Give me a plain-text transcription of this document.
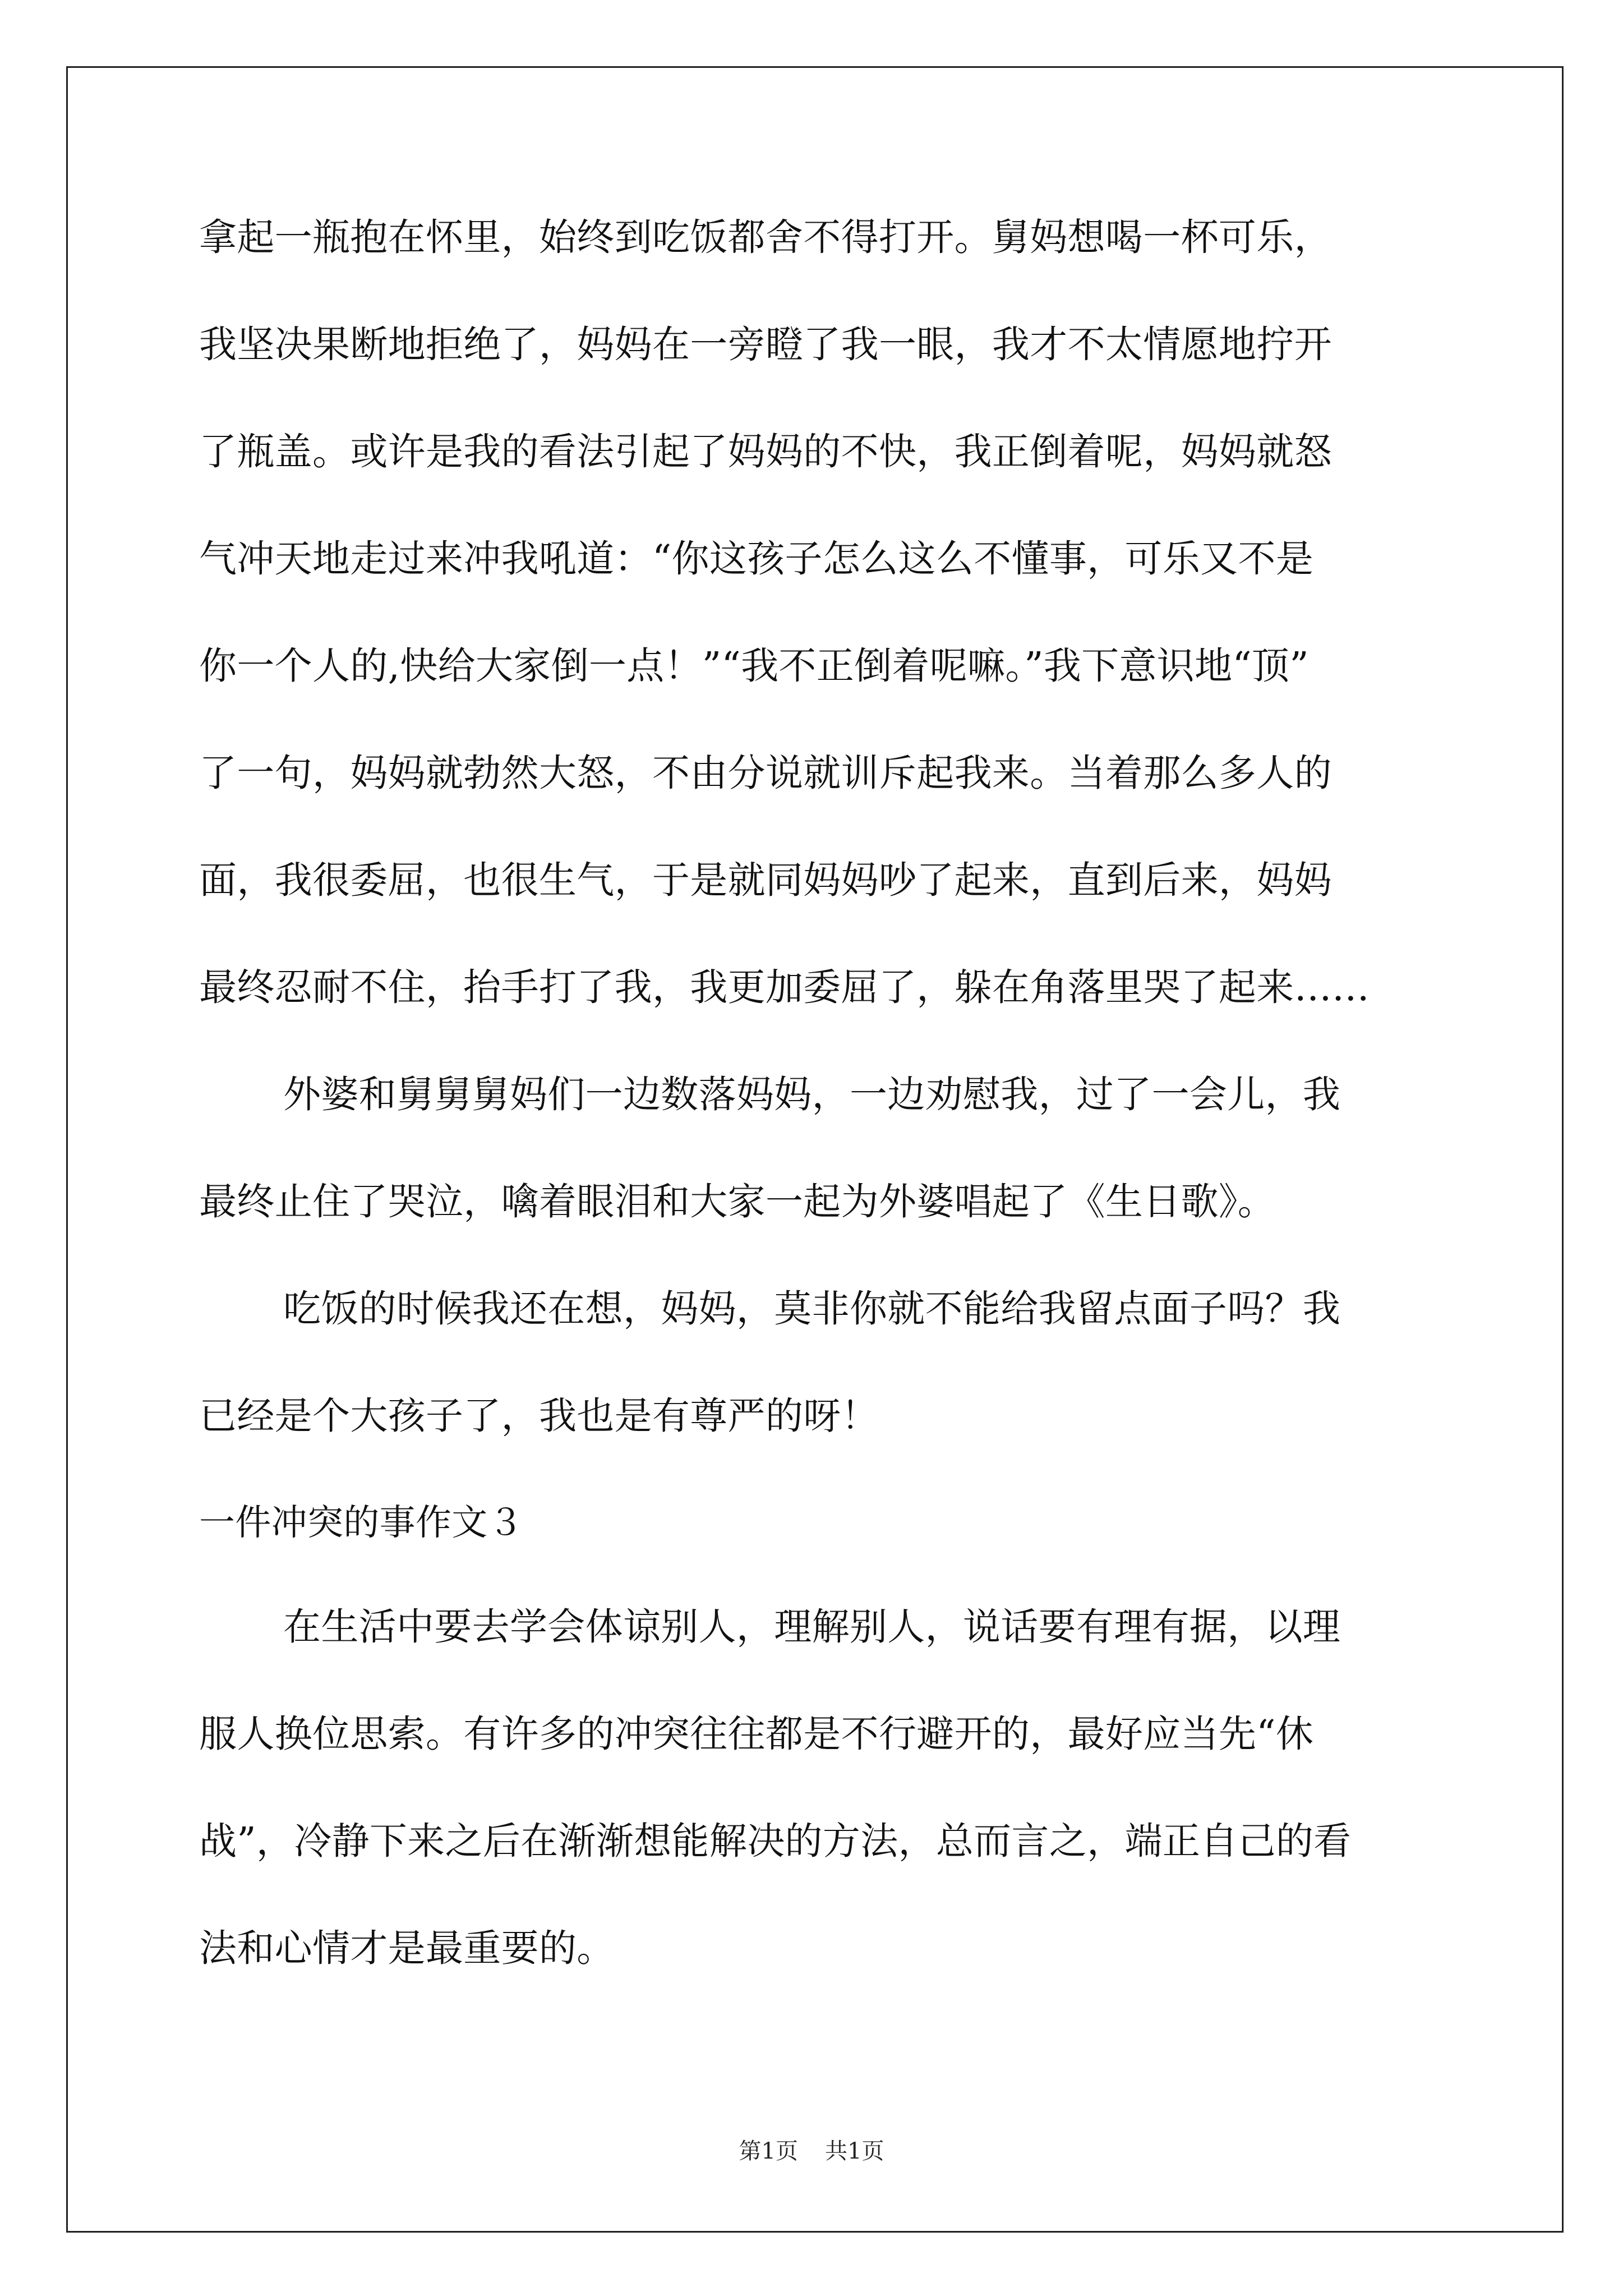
拿起一瓶抱在怀里，始终到吃饭都舍不得打开。舅妈想喝一杯可乐，
我坚决果断地拒绝了，妈妈在一旁瞪了我一眼，我才不太情愿地拧开
了瓶盖。或许是我的看法引起了妈妈的不快，我正倒着呢，妈妈就怒
气冲天地走过来冲我吼道：“你这孩子怎么这么不懂事，可乐又不是
你一个人的,快给大家倒一点！”“我不正倒着呢嘛。”我下意识地“顶”
了一句，妈妈就勃然大怒，不由分说就训斥起我来。当着那么多人的
面，我很委屈，也很生气，于是就同妈妈吵了起来，直到后来，妈妈
最终忍耐不住，抬手打了我，我更加委屈了，躲在角落里哭了起来……
外婆和舅舅舅妈们一边数落妈妈，一边劝慰我，过了一会儿，我
最终止住了哭泣，噙着眼泪和大家一起为外婆唱起了《生日歌》。
吃饭的时候我还在想，妈妈，莫非你就不能给我留点面子吗？我
已经是个大孩子了，我也是有尊严的呀！
一件冲突的事作文３
在生活中要去学会体谅别人，理解别人，说话要有理有据，以理
服人换位思索。有许多的冲突往往都是不行避开的，最好应当先“休
战”，冷静下来之后在渐渐想能解决的方法，总而言之，端正自己的看
法和心情才是最重要的。
第1页 共1页
